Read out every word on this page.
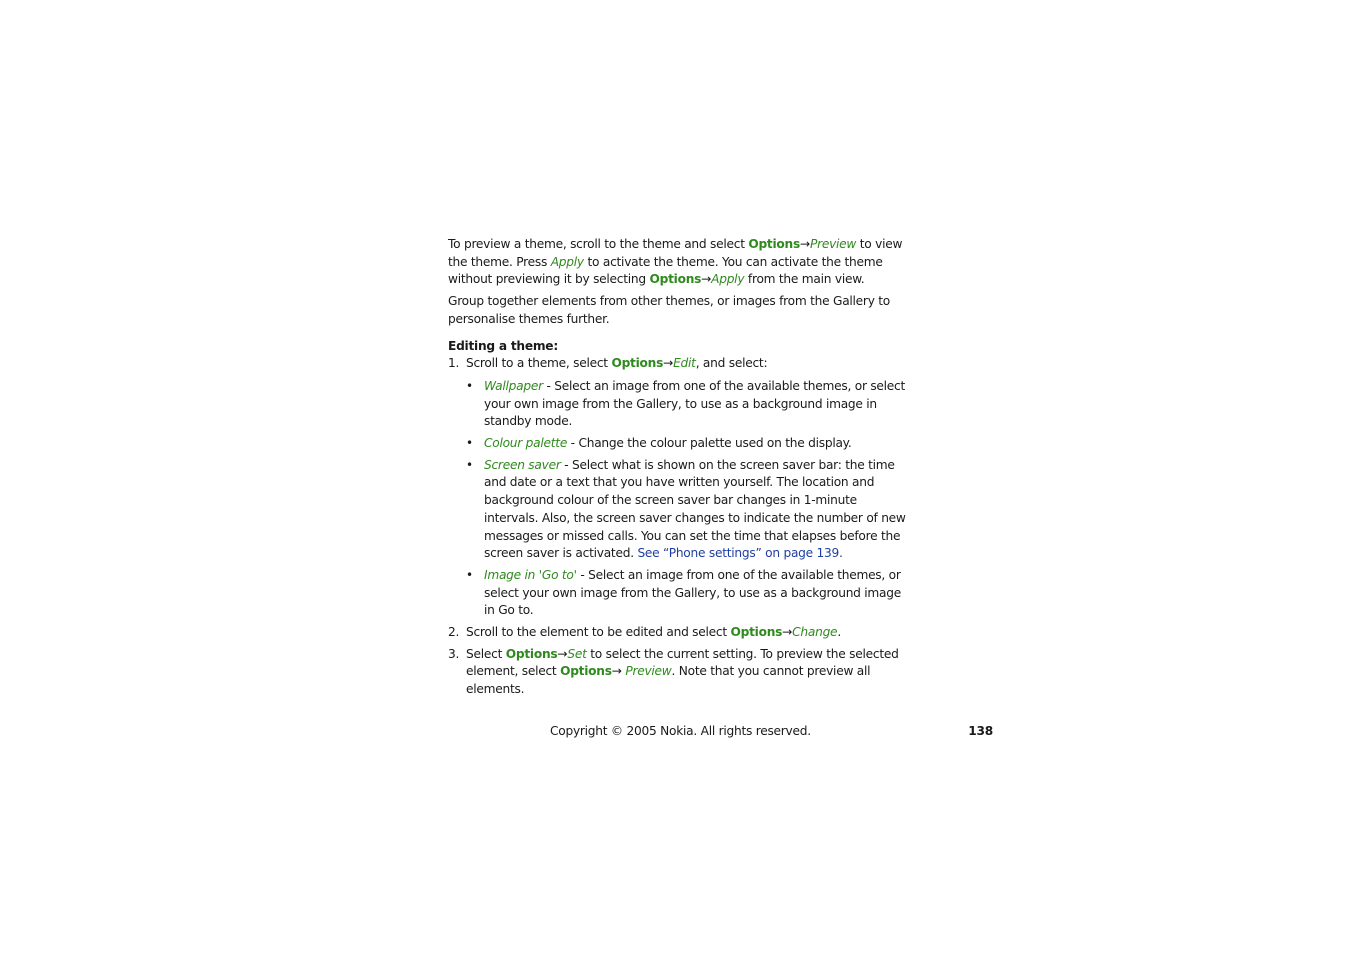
To preview a theme, scroll to the theme and select Options→Preview to view the theme. Press Apply to activate the theme. You can activate the theme without previewing it by selecting Options→Apply from the main view.

Group together elements from other themes, or images from the Gallery to personalise themes further.

Editing a theme:

1. Scroll to a theme, select Options→Edit, and select:
• Wallpaper - Select an image from one of the available themes, or select your own image from the Gallery, to use as a background image in standby mode.
• Colour palette - Change the colour palette used on the display.
• Screen saver - Select what is shown on the screen saver bar: the time and date or a text that you have written yourself. The location and background colour of the screen saver bar changes in 1-minute intervals. Also, the screen saver changes to indicate the number of new messages or missed calls. You can set the time that elapses before the screen saver is activated. See “Phone settings” on page 139.
• Image in 'Go to' - Select an image from one of the available themes, or select your own image from the Gallery, to use as a background image in Go to.
2. Scroll to the element to be edited and select Options→Change.
3. Select Options→Set to select the current setting. To preview the selected element, select Options→ Preview. Note that you cannot preview all elements.
Copyright © 2005 Nokia. All rights reserved.	138
